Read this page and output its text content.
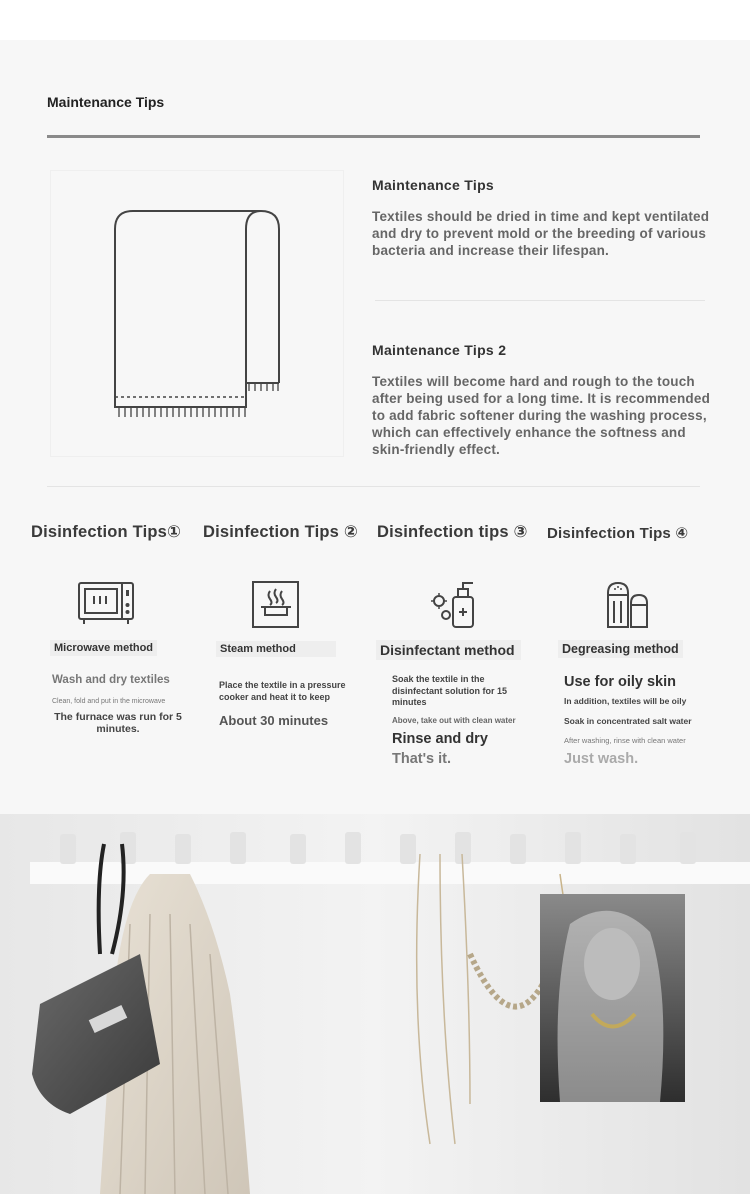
Maintenance Tips
Maintenance Tips
Textiles should be dried in time and kept ventilated and dry to prevent mold or the breeding of various bacteria and increase their lifespan.
Maintenance Tips 2
Textiles will become hard and rough to the touch after being used for a long time. It is recommended to add fabric softener during the washing process, which can effectively enhance the softness and skin-friendly effect.
Disinfection Tips① Disinfection Tips ② Disinfection tips ③ Disinfection Tips ④
Microwave method	Steam method	Disinfectant method	Degreasing method
Wash and dry textiles
Clean, fold and put in the microwave
The furnace was run for 5 minutes.
Place the textile in a pressure cooker and heat it to keep
About 30 minutes
Soak the textile in the disinfectant solution for 15 minutes
Above, take out with clean water
Rinse and dry
That's it.
Use for oily skin
In addition, textiles will be oily
Soak in concentrated salt water
After washing, rinse with clean water
Just wash.
